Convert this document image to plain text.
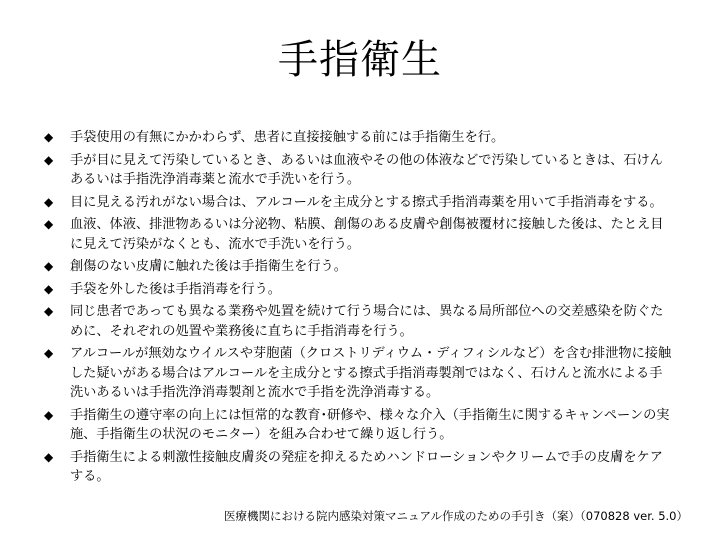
手指衛生
◆ 手袋使用の有無にかかわらず、患者に直接接触する前には手指衛生を行。
◆ 手が目に見えて汚染しているとき、あるいは血液やその他の体液などで汚染しているときは、石けんあるいは手指洗浄消毒薬と流水で手洗いを行う。
◆ 目に見える汚れがない場合は、アルコールを主成分とする擦式手指消毒薬を用いて手指消毒をする。
◆ 血液、体液、排泄物あるいは分泌物、粘膜、創傷のある皮膚や創傷被覆材に接触した後は、たとえ目に見えて汚染がなくとも、流水で手洗いを行う。
◆ 創傷のない皮膚に触れた後は手指衛生を行う。
◆ 手袋を外した後は手指消毒を行う。
◆ 同じ患者であっても異なる業務や処置を続けて行う場合には、異なる局所部位への交差感染を防ぐために、それぞれの処置や業務後に直ちに手指消毒を行う。
◆ アルコールが無効なウイルスや芽胞菌（クロストリディウム・ディフィシルなど）を含む排泄物に接触した疑いがある場合はアルコールを主成分とする擦式手指消毒製剤ではなく、石けんと流水による手洗いあるいは手指洗浄消毒製剤と流水で手指を洗浄消毒する。
◆ 手指衛生の遵守率の向上には恒常的な教育･研修や、様々な介入（手指衛生に関するキャンペーンの実施、手指衛生の状況のモニター）を組み合わせて繰り返し行う。
◆ 手指衛生による刺激性接触皮膚炎の発症を抑えるためハンドローションやクリームで手の皮膚をケアする。
医療機関における院内感染対策マニュアル作成のための手引き（案）（070828 ver. 5.0）
